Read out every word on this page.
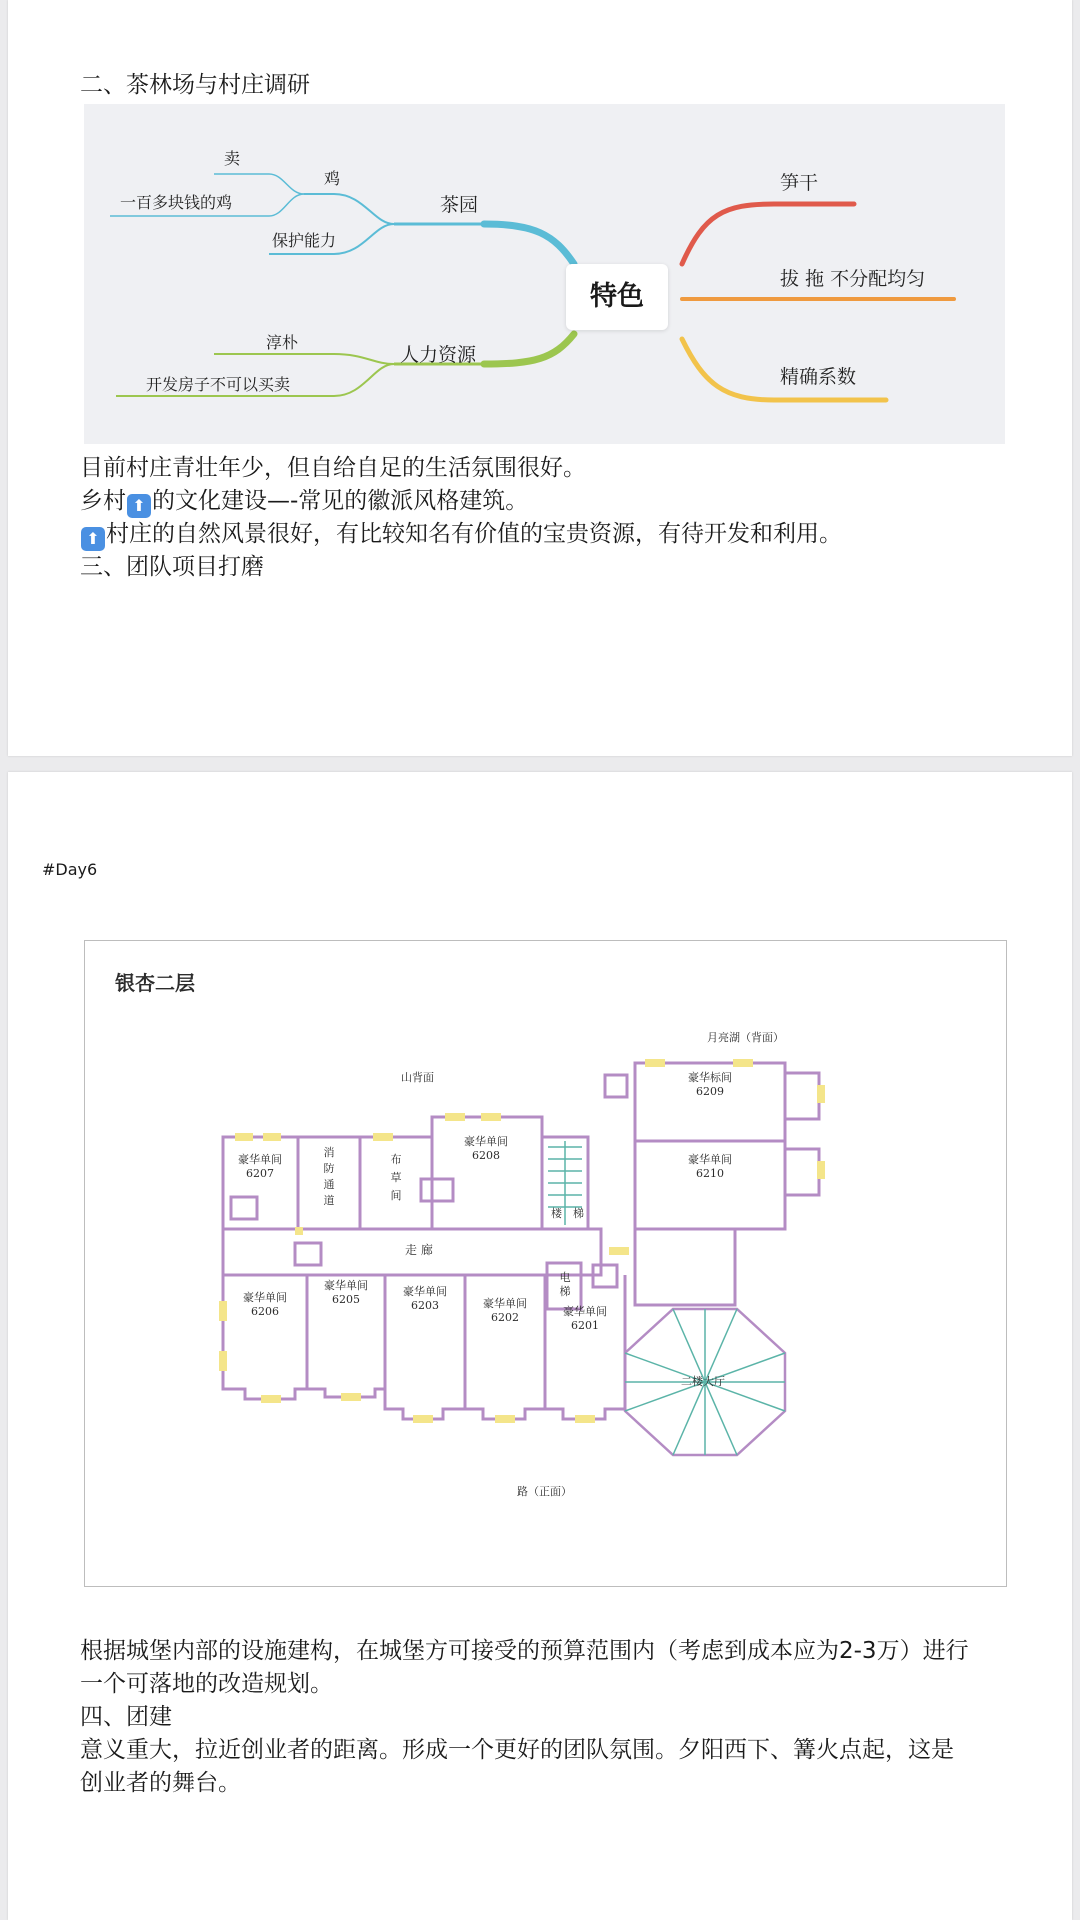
二、茶林场与村庄调研
特色
卖
鸡
一百多块钱的鸡	茶园
保护能力
淳朴
人力资源
开发房子不可以买卖
笋干
拔 拖 不分配均匀
精确系数
目前村庄青壮年少，但自给自足的生活氛围很好。
乡村 ⬆ 的文化建设—-常见的徽派风格建筑。
⬆ 村庄的自然风景很好，有比较知名有价值的宝贵资源，有待开发和利用。
三、团队项目打磨
#Day6
银杏二层
月亮湖（背面）
山背面
路（正面）
豪华单间
6207
消
防
通
道
布
草
间
豪华单间
6208
豪华标间
6209
豪华单间
6210
楼 梯
走 廊
电
梯
豪华单间
6206
豪华单间
6205
豪华单间
6203	豪华单间
6202	豪华单间
6201
二楼大厅
根据城堡内部的设施建构，在城堡方可接受的预算范围内（考虑到成本应为2-3万）进行
一个可落地的改造规划。
四、团建
意义重大，拉近创业者的距离。形成一个更好的团队氛围。夕阳西下、篝火点起，这是
创业者的舞台。
